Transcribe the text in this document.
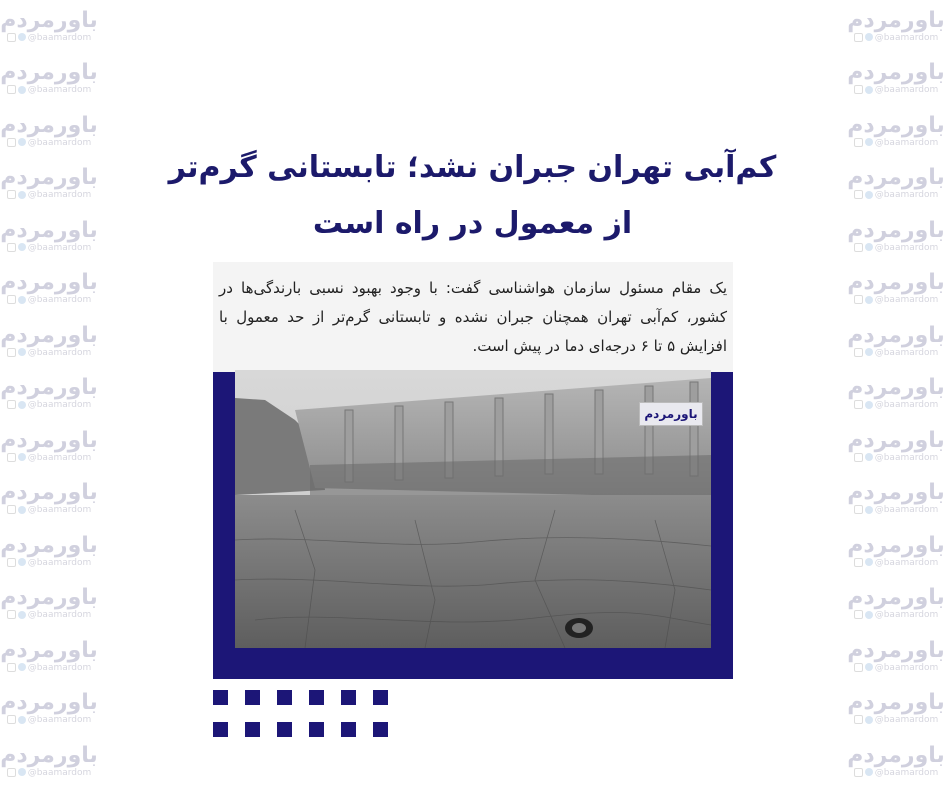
باورمردم
@baamardom
باورمردم
@baamardom
باورمردم
@baamardom
باورمردم
@baamardom
باورمردم
@baamardom
باورمردم
@baamardom
باورمردم
@baamardom
باورمردم
@baamardom
باورمردم
@baamardom
باورمردم
@baamardom
باورمردم
@baamardom
باورمردم
@baamardom
باورمردم
@baamardom
باورمردم
@baamardom
باورمردم
@baamardom
باورمردم
@baamardom
باورمردم
@baamardom
باورمردم
@baamardom
باورمردم
@baamardom
باورمردم
@baamardom
باورمردم
@baamardom
باورمردم
@baamardom
باورمردم
@baamardom
باورمردم
@baamardom
باورمردم
@baamardom
باورمردم
@baamardom
باورمردم
@baamardom
باورمردم
@baamardom
باورمردم
@baamardom
باورمردم
@baamardom
کم‌آبی تهران جبران نشد؛ تابستانی گرم‌تر از معمول در راه است
یک مقام مسئول سازمان هواشناسی گفت: با وجود بهبود نسبی بارندگی‌ها در کشور، کم‌آبی تهران همچنان جبران نشده و تابستانی گرم‌تر از حد معمول با افزایش ۵ تا ۶ درجه‌ای دما در پیش است.
باورمردم
